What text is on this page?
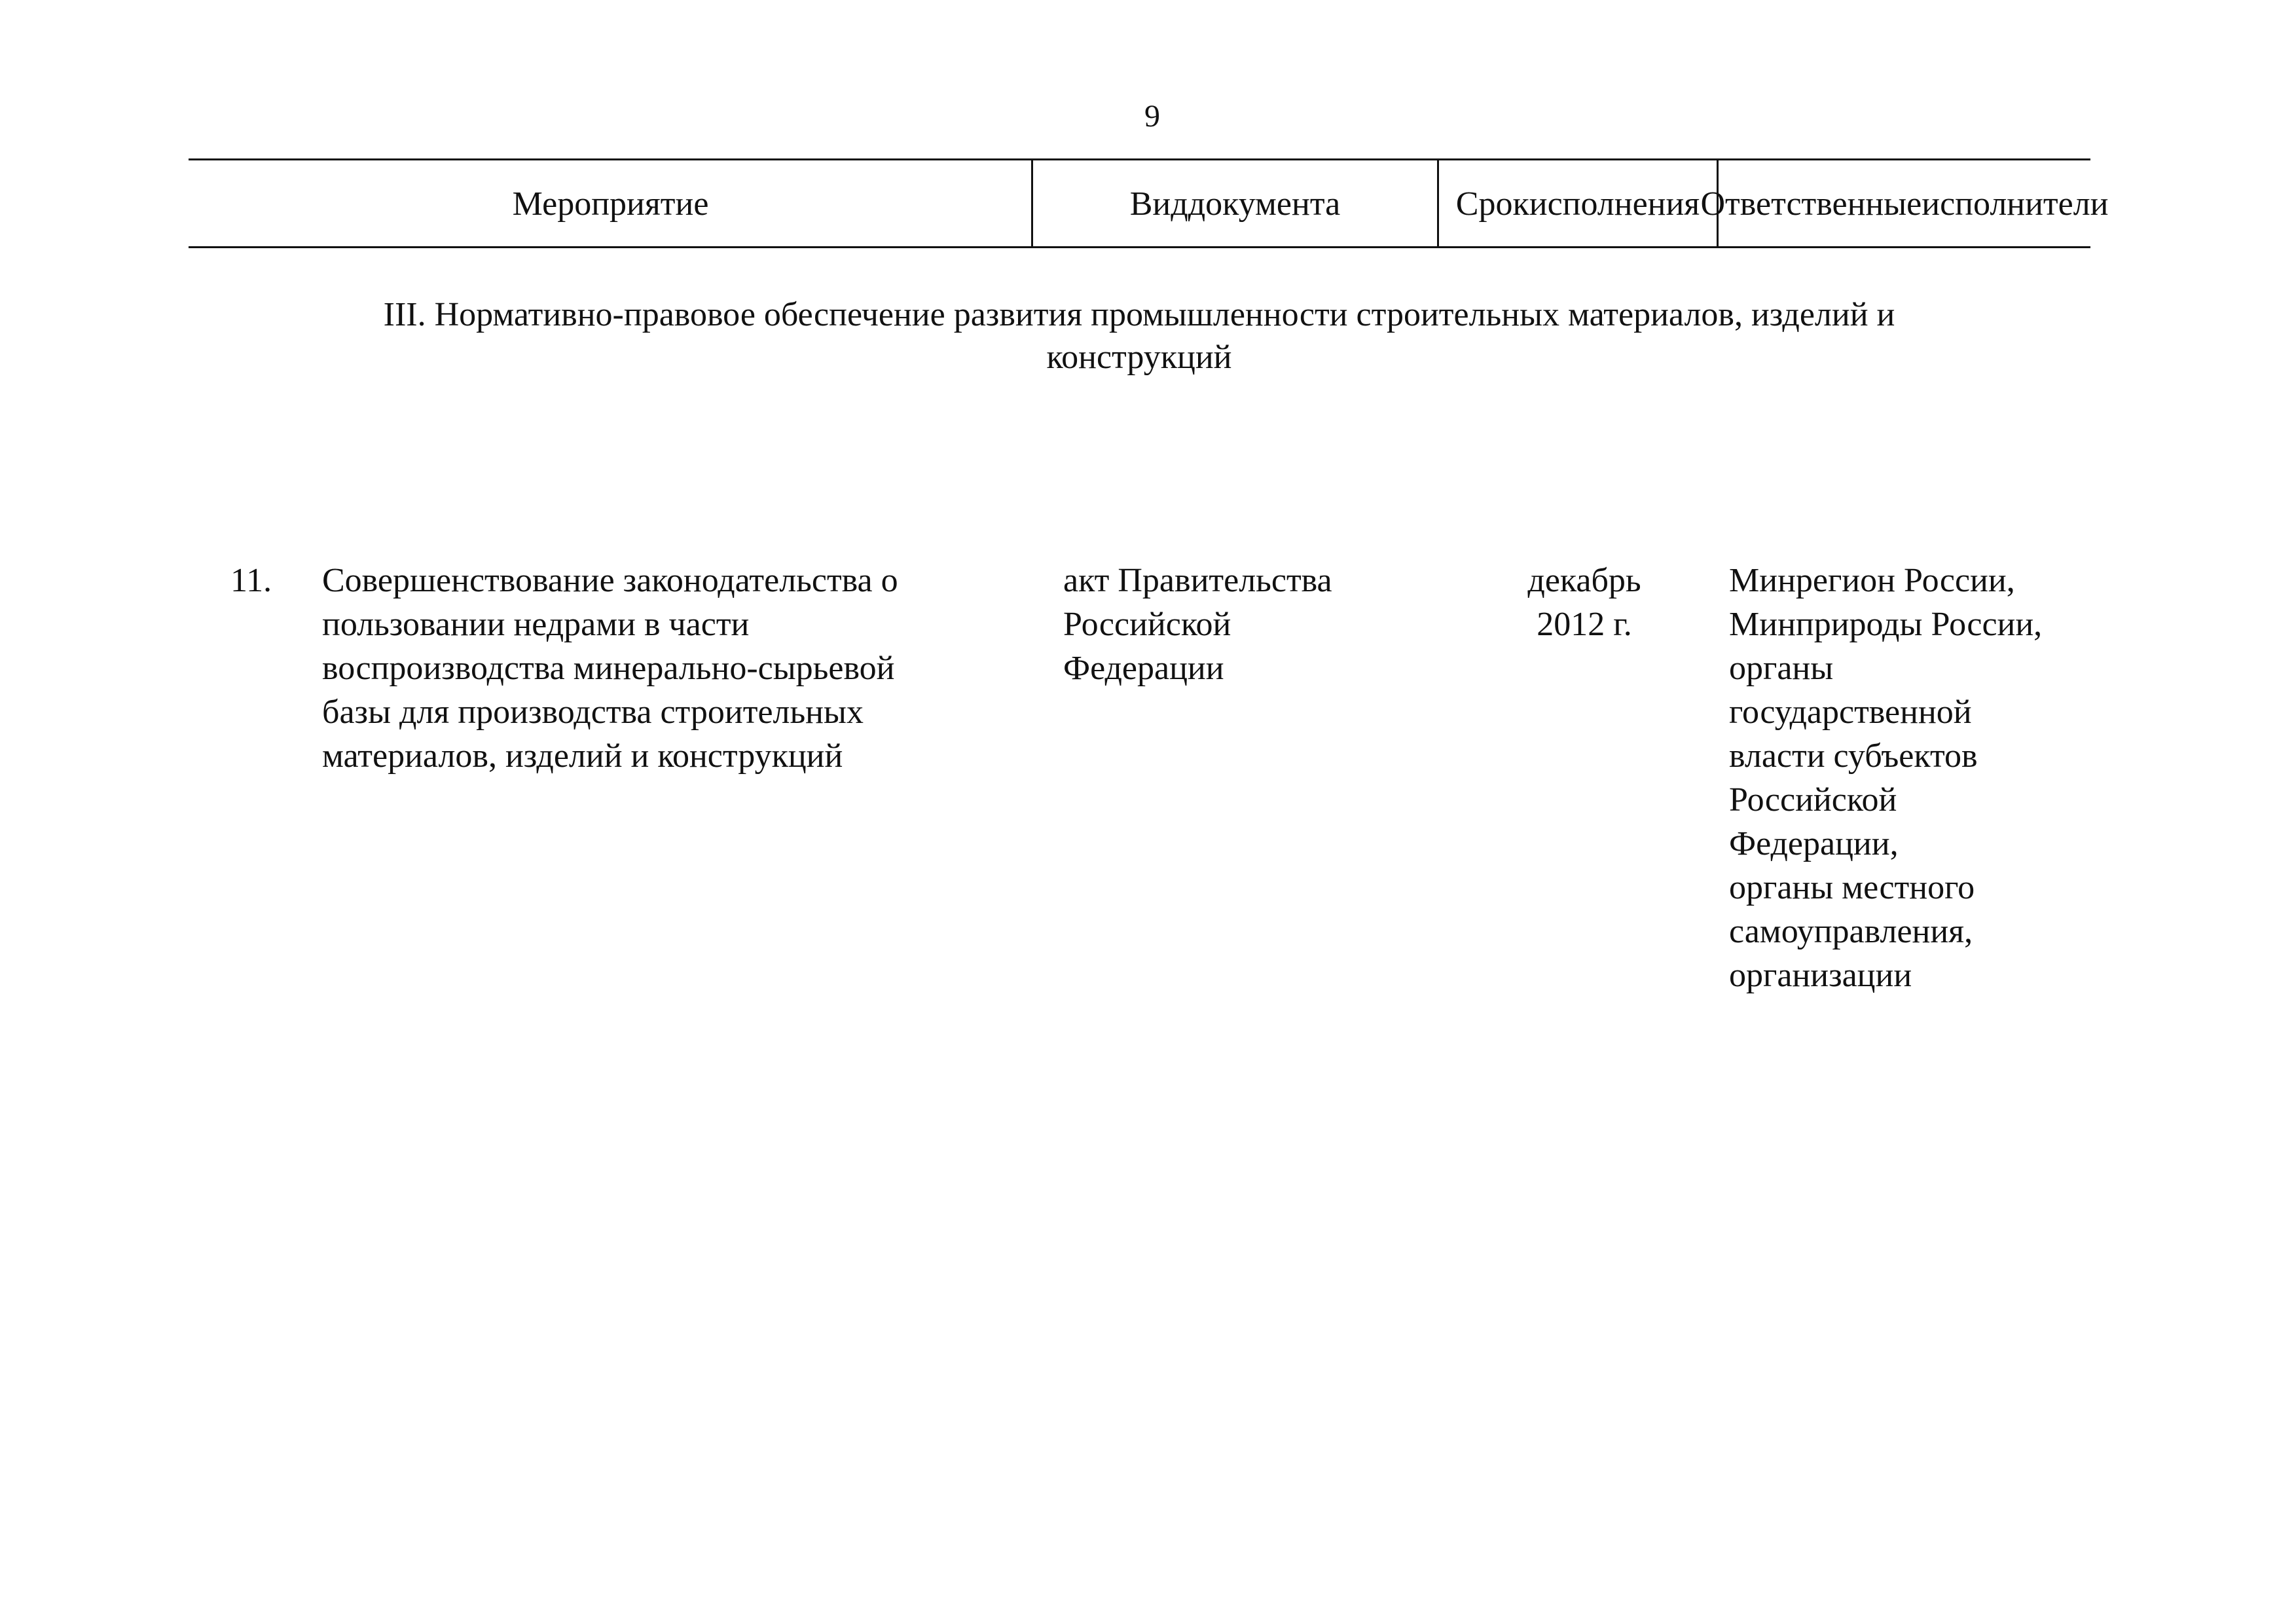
9
Мероприятие	Вид документа	Срок исполнения Ответственные исполнители
III. Нормативно-правовое обеспечение развития промышленности строительных материалов, изделий и
конструкций
11. Совершенствование законодательства о
пользовании недрами в части
воспроизводства минерально-сырьевой
базы для производства строительных
материалов, изделий и конструкций
акт Правительства
Российской
Федерации
декабрь
2012 г.
Минрегион России,
Минприроды России,
органы
государственной
власти субъектов
Российской
Федерации,
органы местного
самоуправления,
организации
